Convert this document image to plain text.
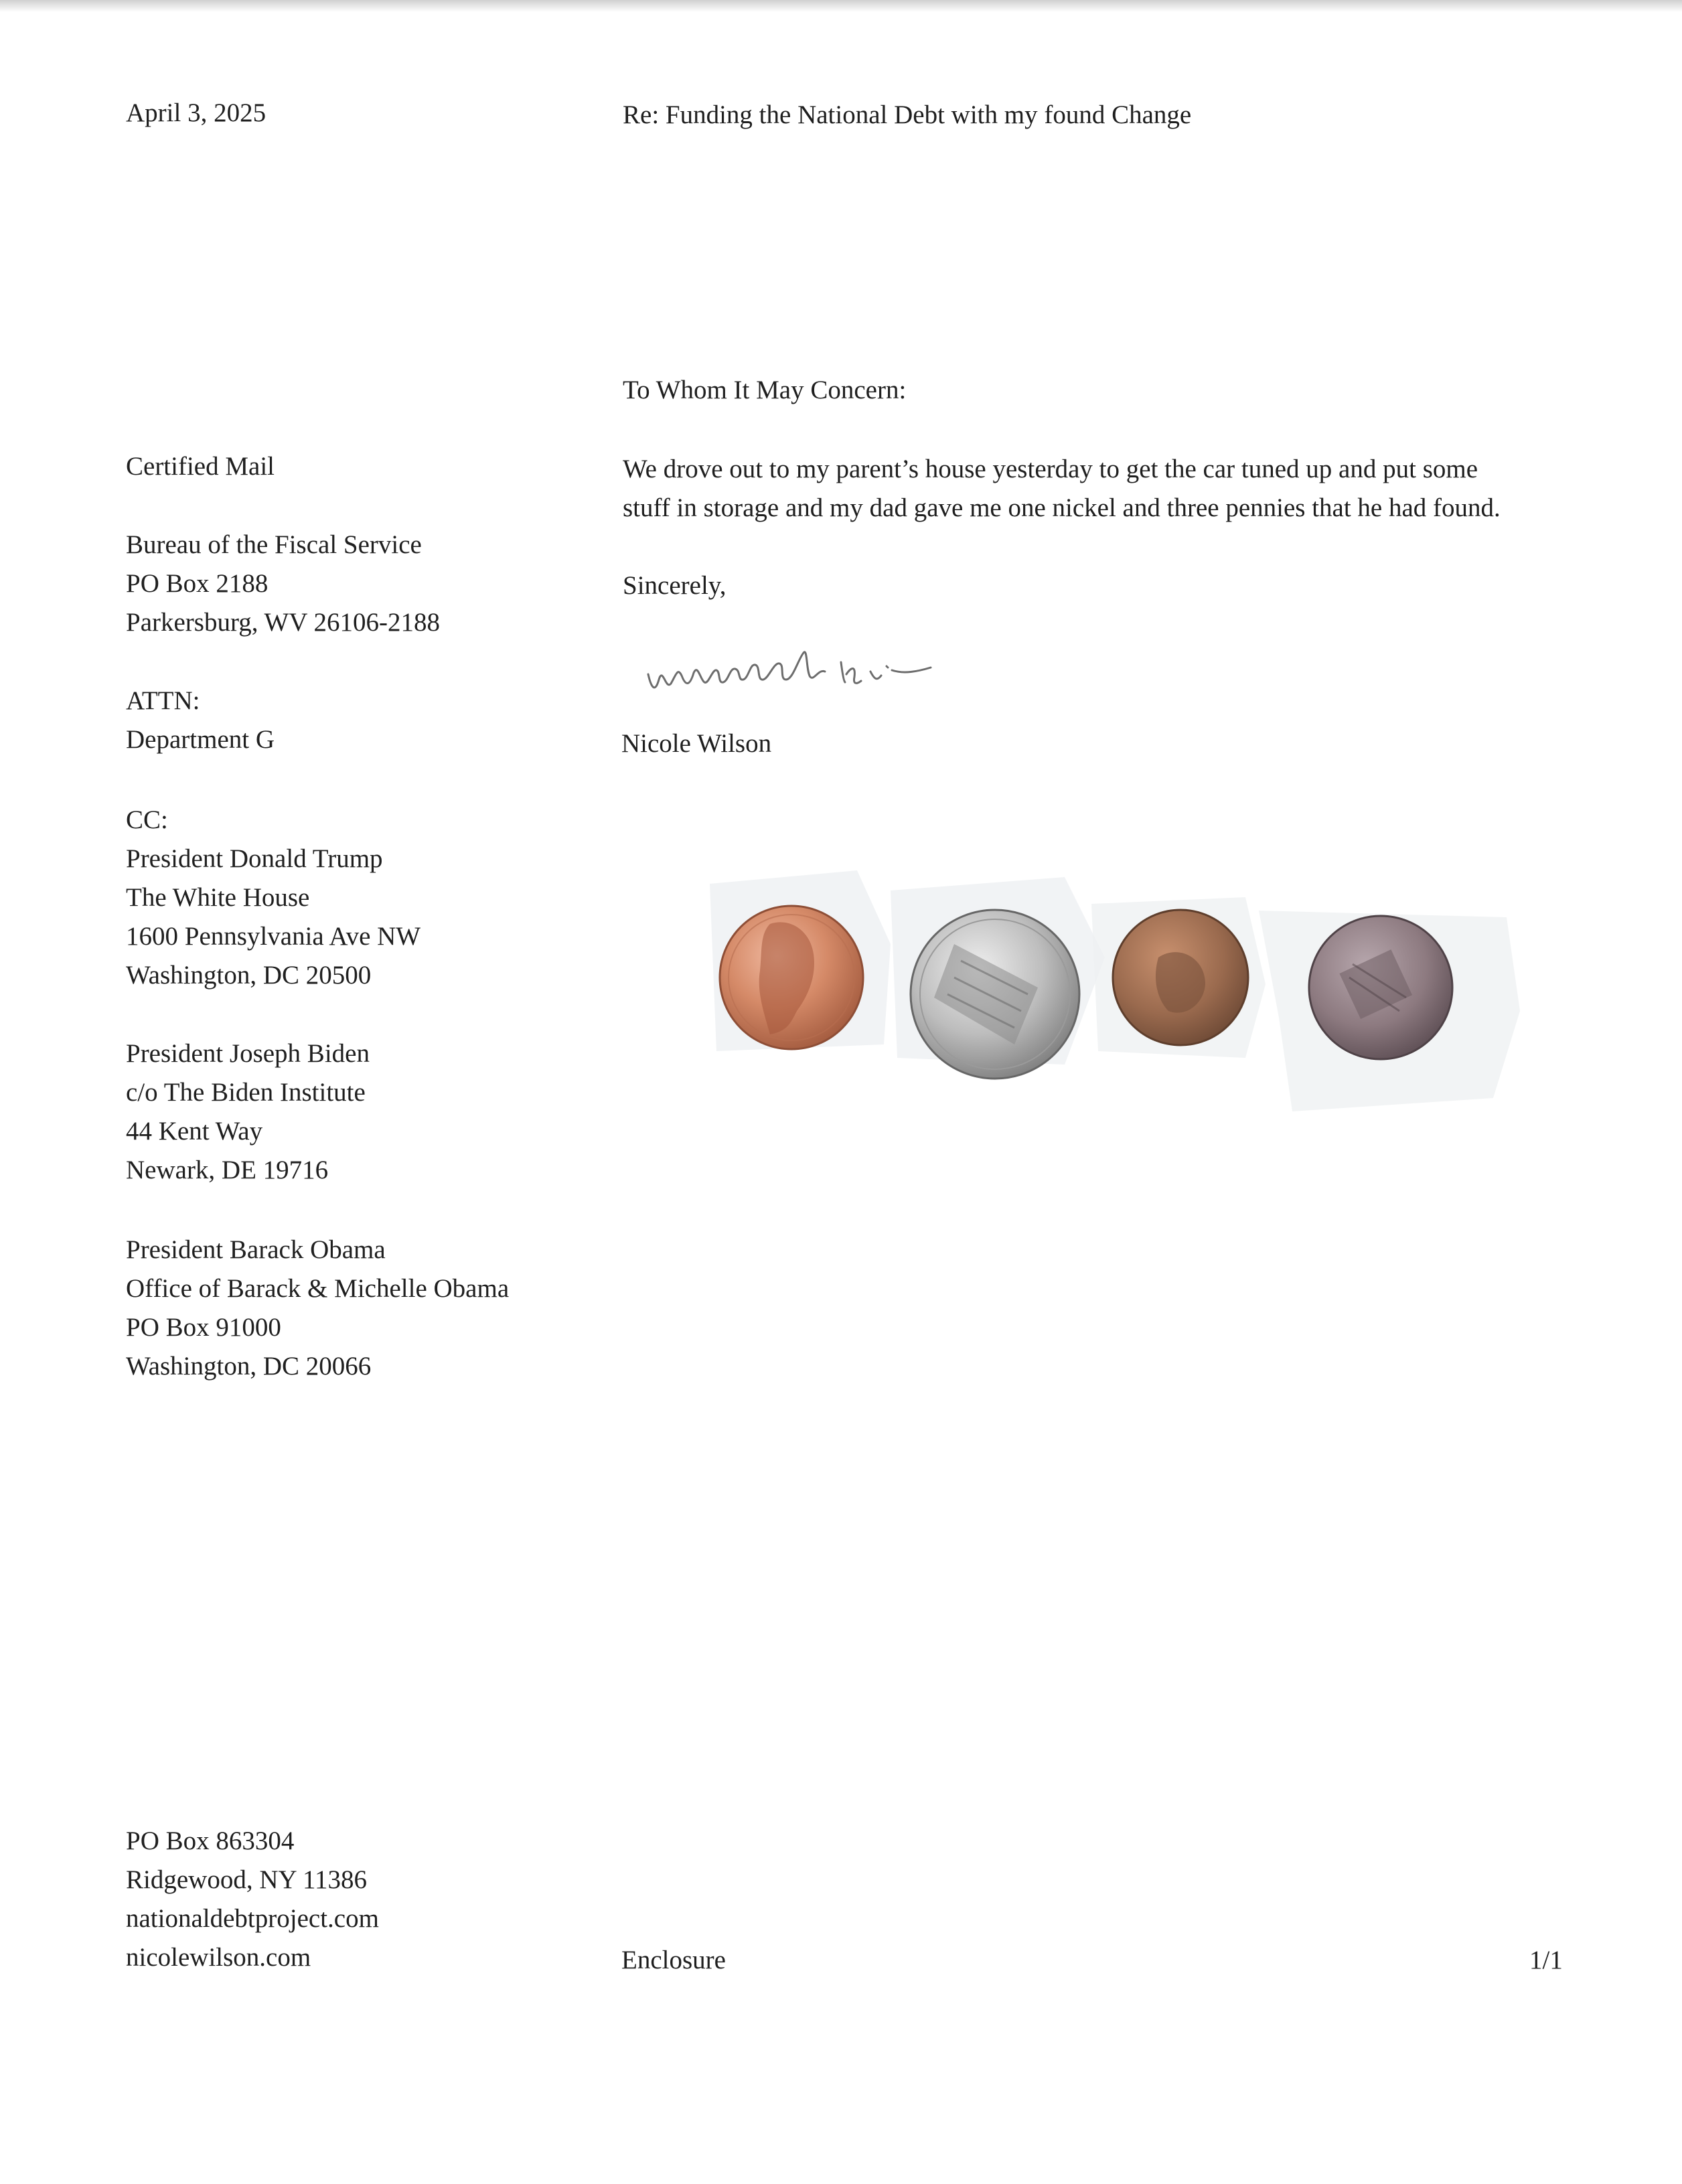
April 3, 2025	Re: Funding the National Debt with my found Change
To Whom It May Concern:
We drove out to my parent’s house yesterday to get the car tuned up and put some
stuff in storage and my dad gave me one nickel and three pennies that he had found.
Sincerely,
Nicole Wilson
Certified Mail
Bureau of the Fiscal Service
PO Box 2188
Parkersburg, WV 26106-2188
ATTN:
Department G
CC:
President Donald Trump
The White House
1600 Pennsylvania Ave NW
Washington, DC 20500
President Joseph Biden
c/o The Biden Institute
44 Kent Way
Newark, DE 19716
President Barack Obama
Office of Barack & Michelle Obama
PO Box 91000
Washington, DC 20066
PO Box 863304
Ridgewood, NY 11386
nationaldebtproject.com
nicolewilson.com	Enclosure	1/1
